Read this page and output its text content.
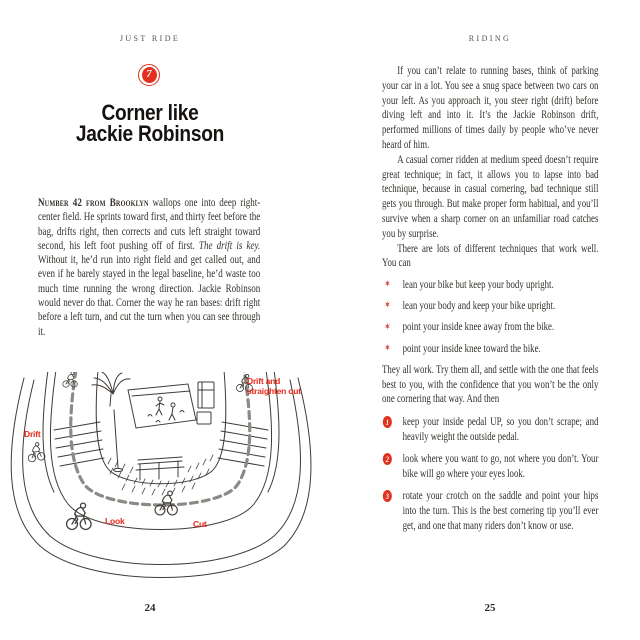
JUST RIDE
7
Corner like
Jackie Robinson

Number 42 from Brooklyn wallops one into deep right-center field. He sprints toward first, and thirty feet before the bag, drifts right, then corrects and cuts left straight toward second, his left foot pushing off of first. The drift is key. Without it, he’d run into right field and get called out, and even if he barely stayed in the legal baseline, he’d waste too much time running the wrong direction. Jackie Robinson would never do that. Corner the way he ran bases: drift right before a left turn, and cut the turn when you can see through it.

Drift
Drift and straighten out
Look	Cut
24
RIDING

If you can’t relate to running bases, think of parking your car in a lot. You see a snug space between two cars on your left. As you approach it, you steer right (drift) before diving left and into it. It’s the Jackie Robinson drift, performed millions of times daily by people who’ve never heard of him.

A casual corner ridden at medium speed doesn’t require great technique; in fact, it allows you to lapse into bad technique, because in casual cornering, bad technique still gets you through. But make proper form habitual, and you’ll survive when a sharp corner on an unfamiliar road catches you by surprise.

There are lots of different techniques that work well. You can

✶ lean your bike but keep your body upright.
✶ lean your body and keep your bike upright.
✶ point your inside knee away from the bike.
✶ point your inside knee toward the bike.

They all work. Try them all, and settle with the one that feels best to you, with the confidence that you won’t be the only one cornering that way. And then

1 keep your inside pedal UP, so you don’t scrape; and heavily weight the outside pedal.
2 look where you want to go, not where you don’t. Your bike will go where your eyes look.
3 rotate your crotch on the saddle and point your hips into the turn. This is the best cornering tip you’ll ever get, and one that many riders don’t know or use.
25
